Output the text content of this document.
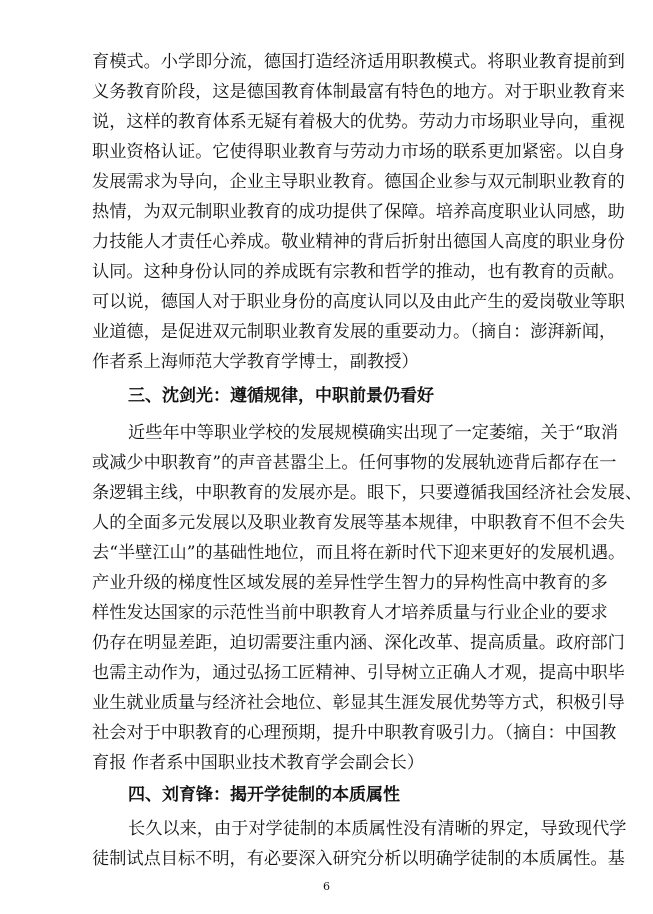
育模式。小学即分流，德国打造经济适用职教模式。将职业教育提前到
义务教育阶段，这是德国教育体制最富有特色的地方。对于职业教育来
说，这样的教育体系无疑有着极大的优势。劳动力市场职业导向，重视
职业资格认证。它使得职业教育与劳动力市场的联系更加紧密。以自身
发展需求为导向，企业主导职业教育。德国企业参与双元制职业教育的
热情，为双元制职业教育的成功提供了保障。培养高度职业认同感，助
力技能人才责任心养成。敬业精神的背后折射出德国人高度的职业身份
认同。这种身份认同的养成既有宗教和哲学的推动，也有教育的贡献。
可以说，德国人对于职业身份的高度认同以及由此产生的爱岗敬业等职
业道德，是促进双元制职业教育发展的重要动力。（摘自：澎湃新闻，
作者系上海师范大学教育学博士，副教授）
三、沈剑光：遵循规律，中职前景仍看好
近些年中等职业学校的发展规模确实出现了一定萎缩，关于“取消
或减少中职教育”的声音甚嚣尘上。任何事物的发展轨迹背后都存在一
条逻辑主线，中职教育的发展亦是。眼下，只要遵循我国经济社会发展、
人的全面多元发展以及职业教育发展等基本规律，中职教育不但不会失
去“半壁江山”的基础性地位，而且将在新时代下迎来更好的发展机遇。
产业升级的梯度性区域发展的差异性学生智力的异构性高中教育的多
样性发达国家的示范性当前中职教育人才培养质量与行业企业的要求
仍存在明显差距，迫切需要注重内涵、深化改革、提高质量。政府部门
也需主动作为，通过弘扬工匠精神、引导树立正确人才观，提高中职毕
业生就业质量与经济社会地位、彰显其生涯发展优势等方式，积极引导
社会对于中职教育的心理预期，提升中职教育吸引力。（摘自：中国教
育报 作者系中国职业技术教育学会副会长）
四、刘育锋：揭开学徒制的本质属性
长久以来，由于对学徒制的本质属性没有清晰的界定，导致现代学
徒制试点目标不明，有必要深入研究分析以明确学徒制的本质属性。基
6
